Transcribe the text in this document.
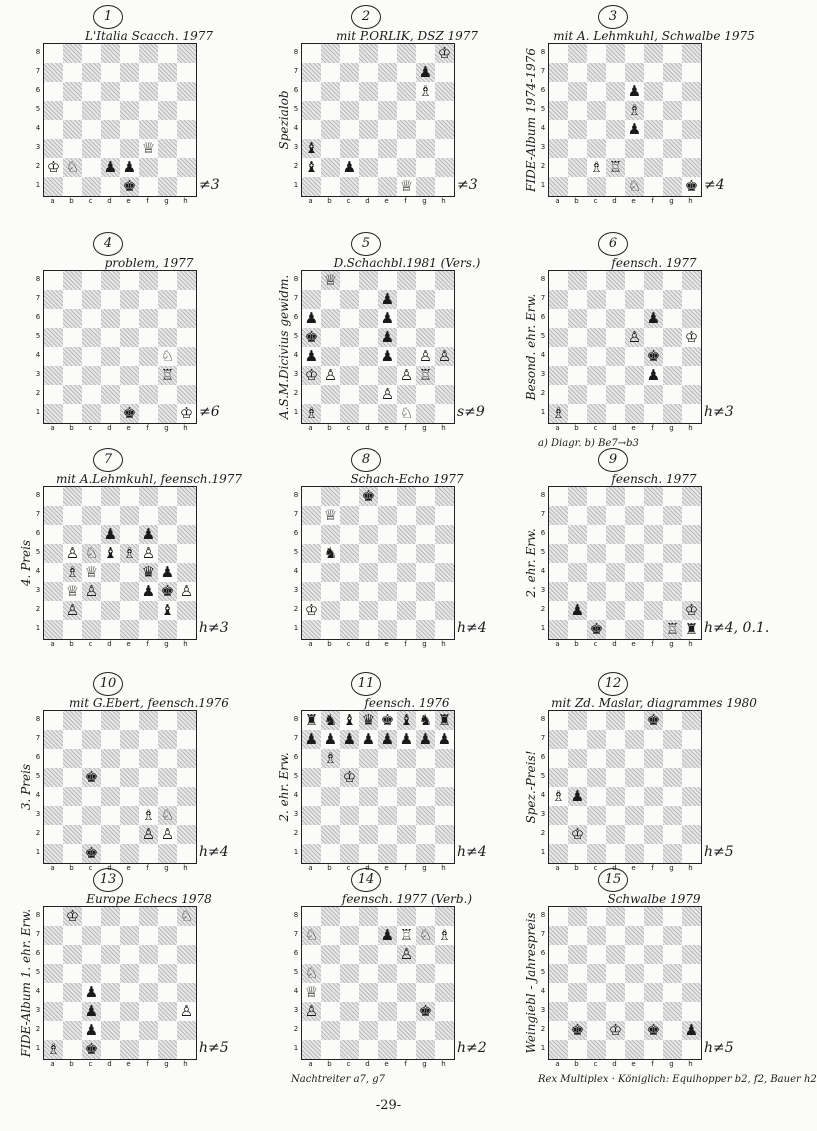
1
L'Italia Scacch. 1977
8
7
6
5
4
3
2
1
♕
♔ ♘ ♟ ♟
♚
a	b	c	d	e	f	g	h
≠3
2
mit P.ORLIK, DSZ 1977
Spezialob
8
7
6
5
4
3
2
1
♔
♟
♗
♝
♝ ♟
♕
a	b	c	d	e	f	g	h
≠3
3
mit A. Lehmkuhl, Schwalbe 1975
FIDE-Album 1974-1976 8
7
6
5
4
3
2
1
♟
♗
♟
♗ ♖
♘	♚
a	b	c	d	e	f	g	h
≠4
4
problem, 1977
8
7
6
5
4
3
2
1
♘
♖
♚	♔
a	b	c	d	e	f	g	h
≠6
5
D.Schachbl.1981 (Vers.)
A.S.M.Dicivius gewidm. 8
7
6
5
4
3
2
1
♕
♟
♟	♟
♚	♟
♟	♟ ♙ ♙
♔ ♙	♙ ♖
♙
♗	♘
a	b	c	d	e	f	g	h
s≠9
6
feensch. 1977
Besond. ehr. Erw.
8
7
6
5
4
3
2
1
♟
♙	♔
♚
♟
♗
a	b	c	d	e	f	g	h
h≠3
a) Diagr. b) Be7→b3
7
mit A.Lehmkuhl, feensch.1977
4. Preis
8
7
6
5
4
3
2
1
♟ ♟
♙ ♘ ♗
♝ ♙
♗ ♕	♛ ♟
♕ ♙	♟ ♚ ♙
♙	♝
a	b	c	d	e	f	g	h
h≠3
8
Schach-Echo 1977
8
7
6
5
4
3
2
1
♚
♕
♞
♔
a	b	c	d	e	f	g	h
h≠4
9
feensch. 1977
2. ehr. Erw.
8
7
6
5
4
3
2
1
♟	♔
♚	♖ ♜
a	b	c	d	e	f	g	h
h≠4, 0.1.
10
mit G.Ebert, feensch.1976
3. Preis
8
7
6
5
4
3
2
1
♚
♗ ♘
♙ ♙
♚
a	b	c	d	e	f	g	h
h≠4
11
feensch. 1976
2. ehr. Erw.
8
7
6
5
4
3
2
1
♜ ♞ ♝ ♛ ♚ ♝ ♞ ♜
♟ ♟ ♟ ♟ ♟ ♟ ♟ ♟
♗
♔
a	b	c	d	e	f	g	h
h≠4
12
mit Zd. Maslar, diagrammes 1980
Spez.-Preis!
8
7
6
5
4
3
2
1
♚
♗ ♟
♔
a	b	c	d	e	f	g	h
h≠5
13
Europe Echecs 1978
FIDE-Album 1. ehr. Erw. 8
7
6
5
4
3
2
1
♔	♘
♟
♟	♙
♟
♗ ♚
a	b	c	d	e	f	g	h
h≠5
14
feensch. 1977 (Verb.)
8
7
6
5
4
3
2
1
♟ ♖ ♘ ♗
♘
♙
♘
♕
♙	♚
a	b	c	d	e	f	g	h
h≠2
Nachtreiter a7, g7
15
Schwalbe 1979
Weingiebl - Jahrespreis 8
7
6
5
4
3
2
1
♚ ♔ ♚ ♟
a	b	c	d	e	f	g	h
h≠5
Rex Multiplex · Königlich: Equihopper b2, f2, Bauer h2
-29-
